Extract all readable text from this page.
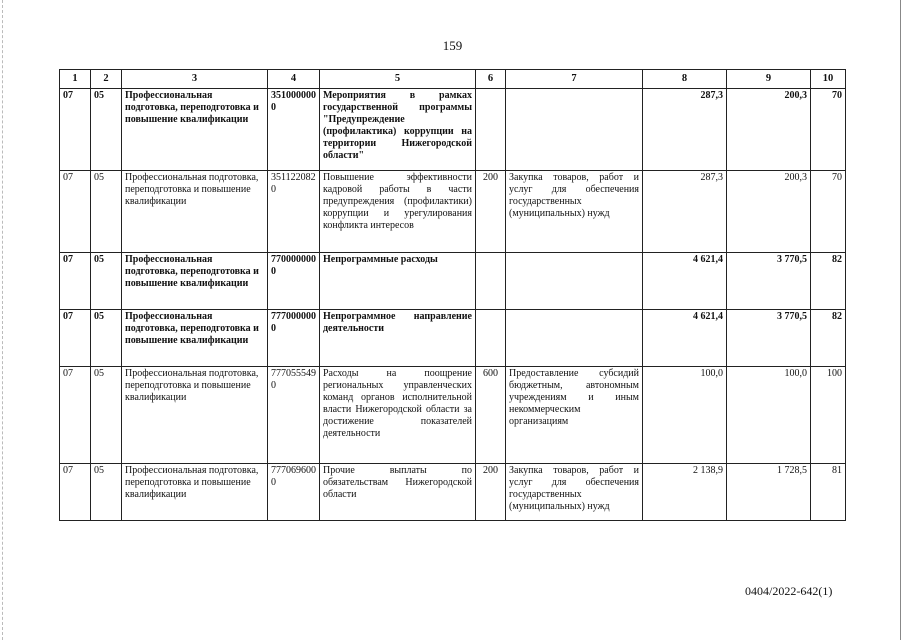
159
1	2	3	4	5	6	7	8	9	10
07	05	Профессиональная подготовка, переподготовка и повышение квалификации	3510000000	Мероприятия в рамках государственной программы "Предупреждение (профилактика) коррупции на территории Нижегородской области"			287,3	200,3	70
07	05	Профессиональная подготовка, переподготовка и повышение квалификации	3511220820	Повышение эффективности кадровой работы в части предупреждения (профилактики) коррупции и урегулирования конфликта интересов	200	Закупка товаров, работ и услуг для обеспечения государственных (муниципальных) нужд	287,3	200,3	70
07	05	Профессиональная подготовка, переподготовка и повышение квалификации	7700000000	Непрограммные расходы			4 621,4	3 770,5	82
07	05	Профессиональная подготовка, переподготовка и повышение квалификации	7770000000	Непрограммное направление деятельности			4 621,4	3 770,5	82
07	05	Профессиональная подготовка, переподготовка и повышение квалификации	7770555490	Расходы на поощрение региональных управленческих команд органов исполнительной власти Нижегородской области за достижение показателей деятельности	600	Предоставление субсидий бюджетным, автономным учреждениям и иным некоммерческим организациям	100,0	100,0	100
07	05	Профессиональная подготовка, переподготовка и повышение квалификации	7770696000	Прочие выплаты по обязательствам Нижегородской области	200	Закупка товаров, работ и услуг для обеспечения государственных (муниципальных) нужд	2 138,9	1 728,5	81
0404/2022-642(1)
